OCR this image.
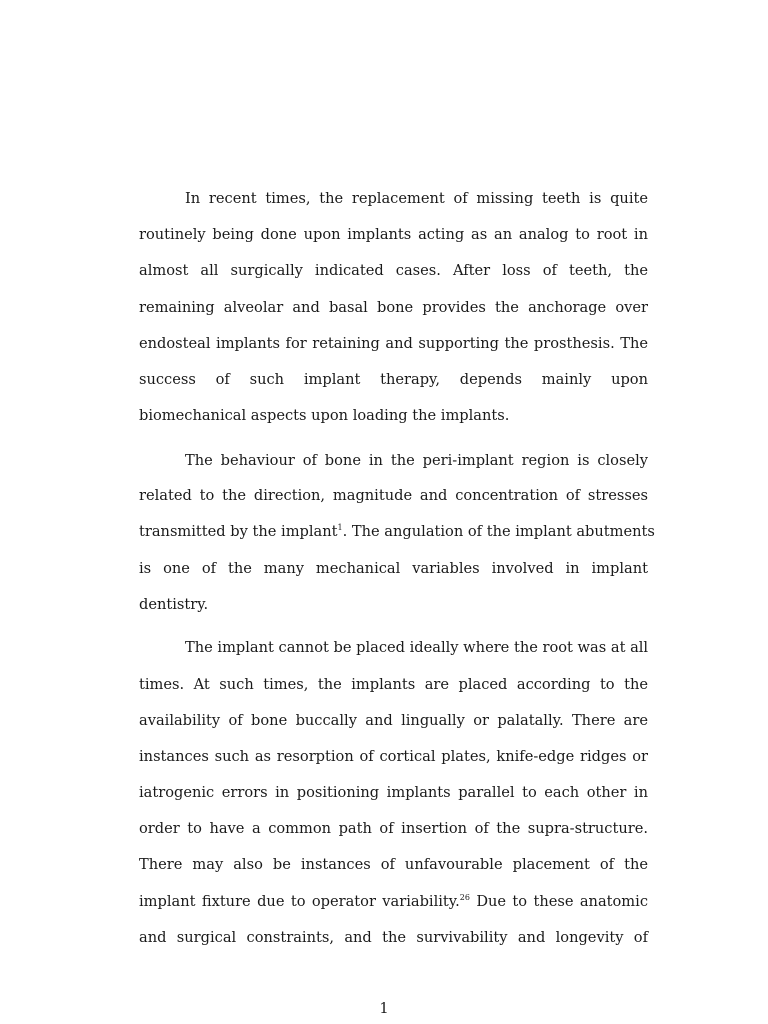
In recent times, the replacement of missing teeth is quite
routinely being done upon implants acting as an analog to root in
almost all surgically indicated cases. After loss of teeth, the
remaining alveolar and basal bone provides the anchorage over
endosteal implants for retaining and supporting the prosthesis. The
success of such implant therapy, depends mainly upon
biomechanical aspects upon loading the implants.
The behaviour of bone in the peri-implant region is closely
related to the direction, magnitude and concentration of stresses
transmitted by the implant$^1$. The angulation of the implant abutments
is one of the many mechanical variables involved in implant
dentistry.
The implant cannot be placed ideally where the root was at all
times. At such times, the implants are placed according to the
availability of bone buccally and lingually or palatally. There are
instances such as resorption of cortical plates, knife-edge ridges or
iatrogenic errors in positioning implants parallel to each other in
order to have a common path of insertion of the supra-structure.
There may also be instances of unfavourable placement of the
implant fixture due to operator variability.$^{26}$ Due to these anatomic
and surgical constraints, and the survivability and longevity of
1
